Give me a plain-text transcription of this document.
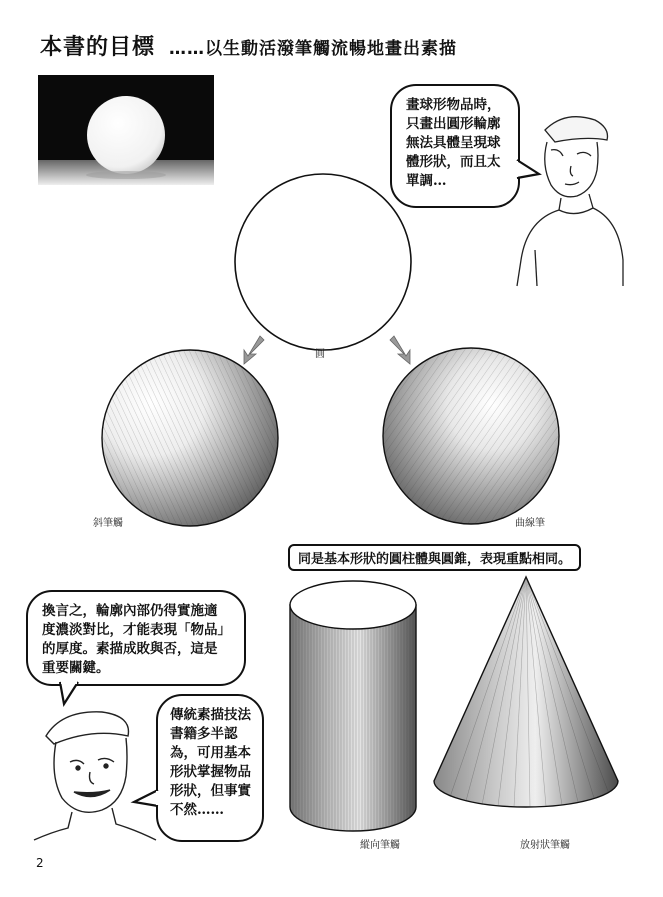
本書的目標 ……以生動活潑筆觸流暢地畫出素描
畫球形物品時，只畫出圓形輪廓無法具體呈現球體形狀，而且太單調…
圓
斜筆觸	曲線筆
同是基本形狀的圓柱體與圓錐，表現重點相同。
換言之，輪廓內部仍得實施適度濃淡對比，才能表現「物品」的厚度。素描成敗與否，這是重要關鍵。
傳統素描技法書籍多半認為，可用基本形狀掌握物品形狀，但事實不然……
縱向筆觸	放射狀筆觸
2
